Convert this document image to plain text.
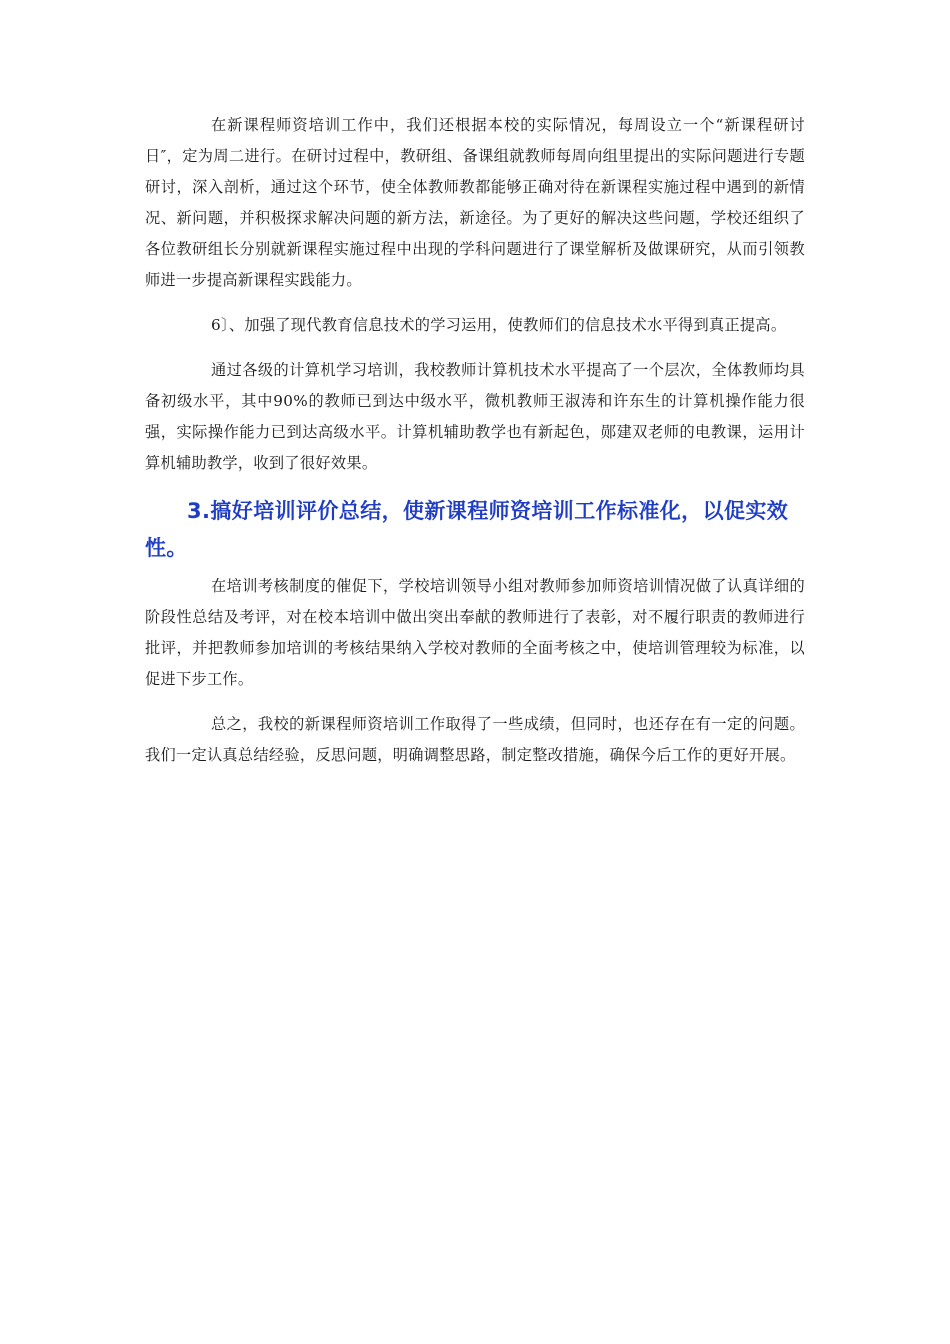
在新课程师资培训工作中，我们还根据本校的实际情况，每周设立一个“新课程研讨日″，定为周二进行。在研讨过程中，教研组、备课组就教师每周向组里提出的实际问题进行专题研讨，深入剖析，通过这个环节，使全体教师教都能够正确对待在新课程实施过程中遇到的新情况、新问题，并积极探求解决问题的新方法，新途径。为了更好的解决这些问题，学校还组织了各位教研组长分别就新课程实施过程中出现的学科问题进行了课堂解析及做课研究，从而引领教师进一步提高新课程实践能力。

6〕、加强了现代教育信息技术的学习运用，使教师们的信息技术水平得到真正提高。

通过各级的计算机学习培训，我校教师计算机技术水平提高了一个层次，全体教师均具备初级水平，其中90%的教师已到达中级水平，微机教师王淑涛和许东生的计算机操作能力很强，实际操作能力已到达高级水平。计算机辅助教学也有新起色，郧建双老师的电教课，运用计算机辅助教学，收到了很好效果。

3.搞好培训评价总结，使新课程师资培训工作标准化，以促实效性。

在培训考核制度的催促下，学校培训领导小组对教师参加师资培训情况做了认真详细的阶段性总结及考评，对在校本培训中做出突出奉献的教师进行了表彰，对不履行职责的教师进行批评，并把教师参加培训的考核结果纳入学校对教师的全面考核之中，使培训管理较为标准，以促进下步工作。

总之，我校的新课程师资培训工作取得了一些成绩，但同时，也还存在有一定的问题。我们一定认真总结经验，反思问题，明确调整思路，制定整改措施，确保今后工作的更好开展。
